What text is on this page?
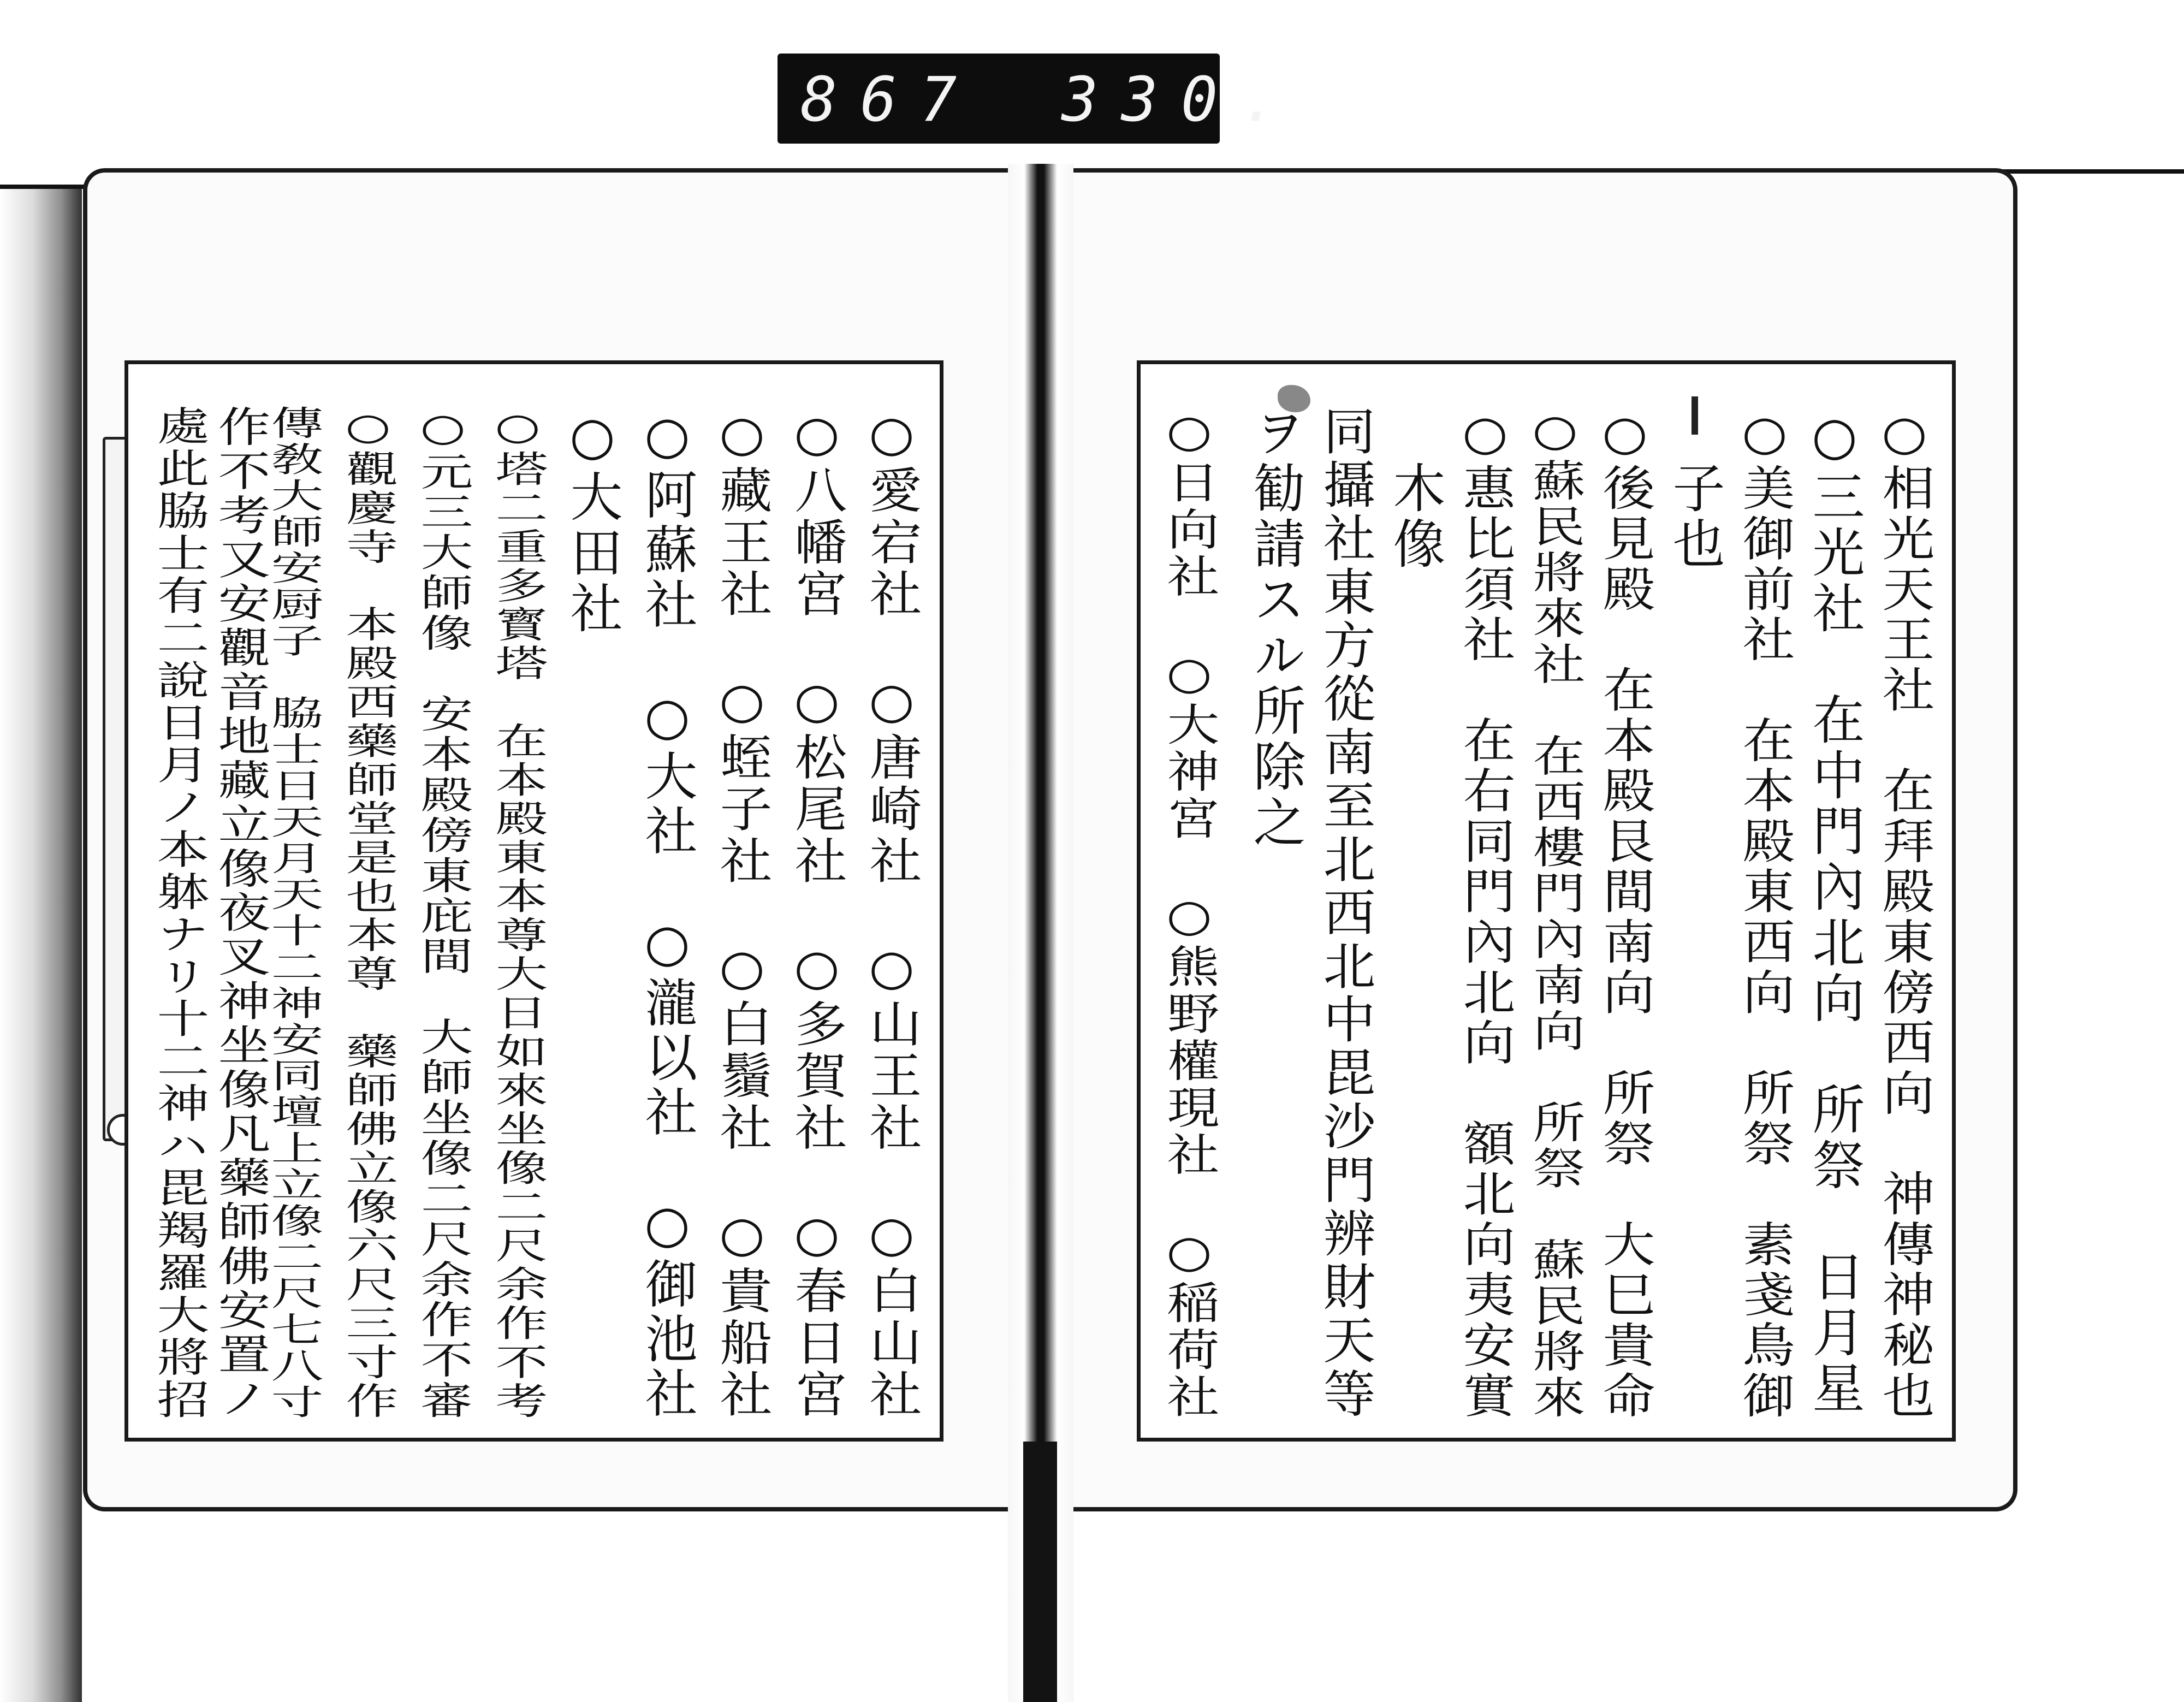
867 330.
○愛宕社　○唐崎社　○山王社　○白山社
○八幡宮　○松尾社　○多賀社　○春日宮
○藏王社　○蛭子社　○白鬚社　○貴船社
○阿蘇社　○大社　○瀧以社　○御池社
○大田社
○塔二重多寳塔　在本殿東本尊大日如來坐像二尺余作不考
○元三大師像　安本殿傍東庇間　大師坐像二尺余作不審
○觀慶寺　本殿西藥師堂是也本尊　藥師佛立像六尺三寸作
傳敎大師安厨子　脇士日天月天十二神安同壇上立像二尺七八寸
作不考又安觀音地藏立像夜叉神坐像凡藥師佛安置ノ
處此脇士有二說日月ノ本躰ナリ十二神ハ毘羯羅大將招
○相光天王社　在拜殿東傍西向　神傳神秘也
○三光社　在中門內北向　所祭　日月星
○美御前社　在本殿東西向　所祭　素戔鳥御
　子也
○後見殿　在本殿艮間南向　所祭　大巳貴命
○蘇民將來社　在西樓門內南向　所祭　蘇民將來
○惠比須社　在右同門內北向　額北向夷安實
　木像
同攝社東方從南至北西北中毘沙門辨財天等
ヲ勧請スル所除之
○日向社　○大神宮　○熊野權現社　○稲荷社
